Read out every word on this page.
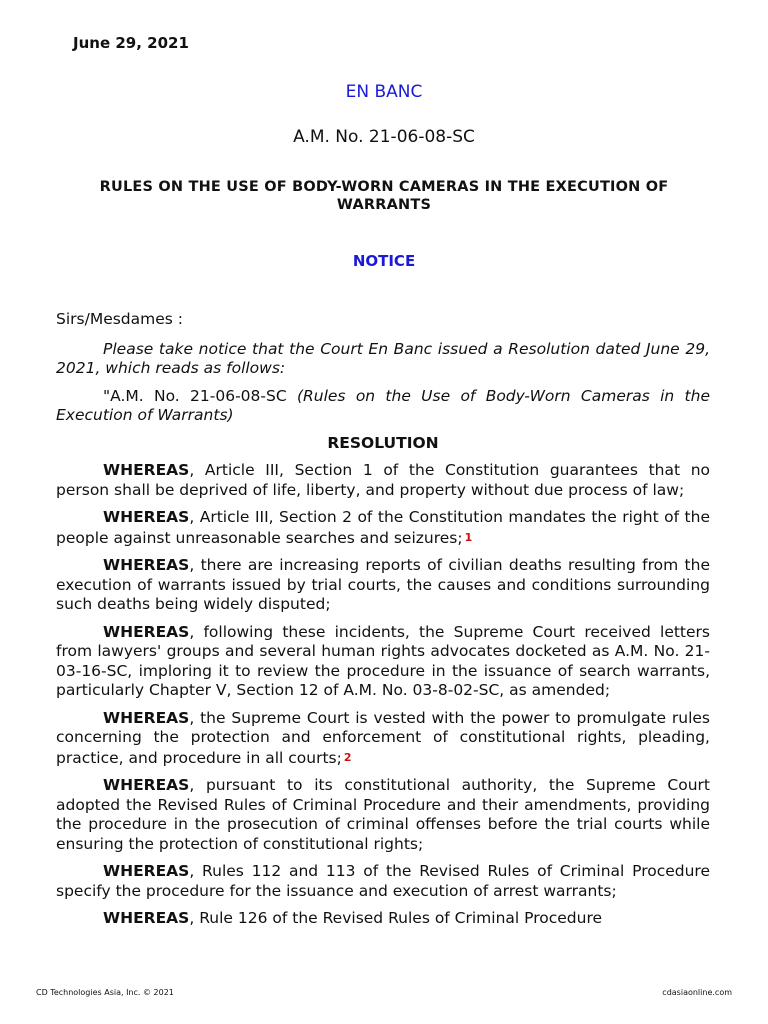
June 29, 2021
EN BANC
A.M. No. 21-06-08-SC
RULES ON THE USE OF BODY-WORN CAMERAS IN THE EXECUTION OF WARRANTS
NOTICE

Sirs/Mesdames :

Please take notice that the Court En Banc issued a Resolution dated June 29, 2021, which reads as follows:

"A.M. No. 21-06-08-SC (Rules on the Use of Body-Worn Cameras in the Execution of Warrants)

RESOLUTION

WHEREAS, Article III, Section 1 of the Constitution guarantees that no person shall be deprived of life, liberty, and property without due process of law;

WHEREAS, Article III, Section 2 of the Constitution mandates the right of the people against unreasonable searches and seizures; 1

WHEREAS, there are increasing reports of civilian deaths resulting from the execution of warrants issued by trial courts, the causes and conditions surrounding such deaths being widely disputed;

WHEREAS, following these incidents, the Supreme Court received letters from lawyers' groups and several human rights advocates docketed as A.M. No. 21-03-16-SC, imploring it to review the procedure in the issuance of search warrants, particularly Chapter V, Section 12 of A.M. No. 03-8-02-SC, as amended;

WHEREAS, the Supreme Court is vested with the power to promulgate rules concerning the protection and enforcement of constitutional rights, pleading, practice, and procedure in all courts; 2

WHEREAS, pursuant to its constitutional authority, the Supreme Court adopted the Revised Rules of Criminal Procedure and their amendments, providing the procedure in the prosecution of criminal offenses before the trial courts while ensuring the protection of constitutional rights;

WHEREAS, Rules 112 and 113 of the Revised Rules of Criminal Procedure specify the procedure for the issuance and execution of arrest warrants;

WHEREAS, Rule 126 of the Revised Rules of Criminal Procedure

CD Technologies Asia, Inc. © 2021	cdasiaonline.com
